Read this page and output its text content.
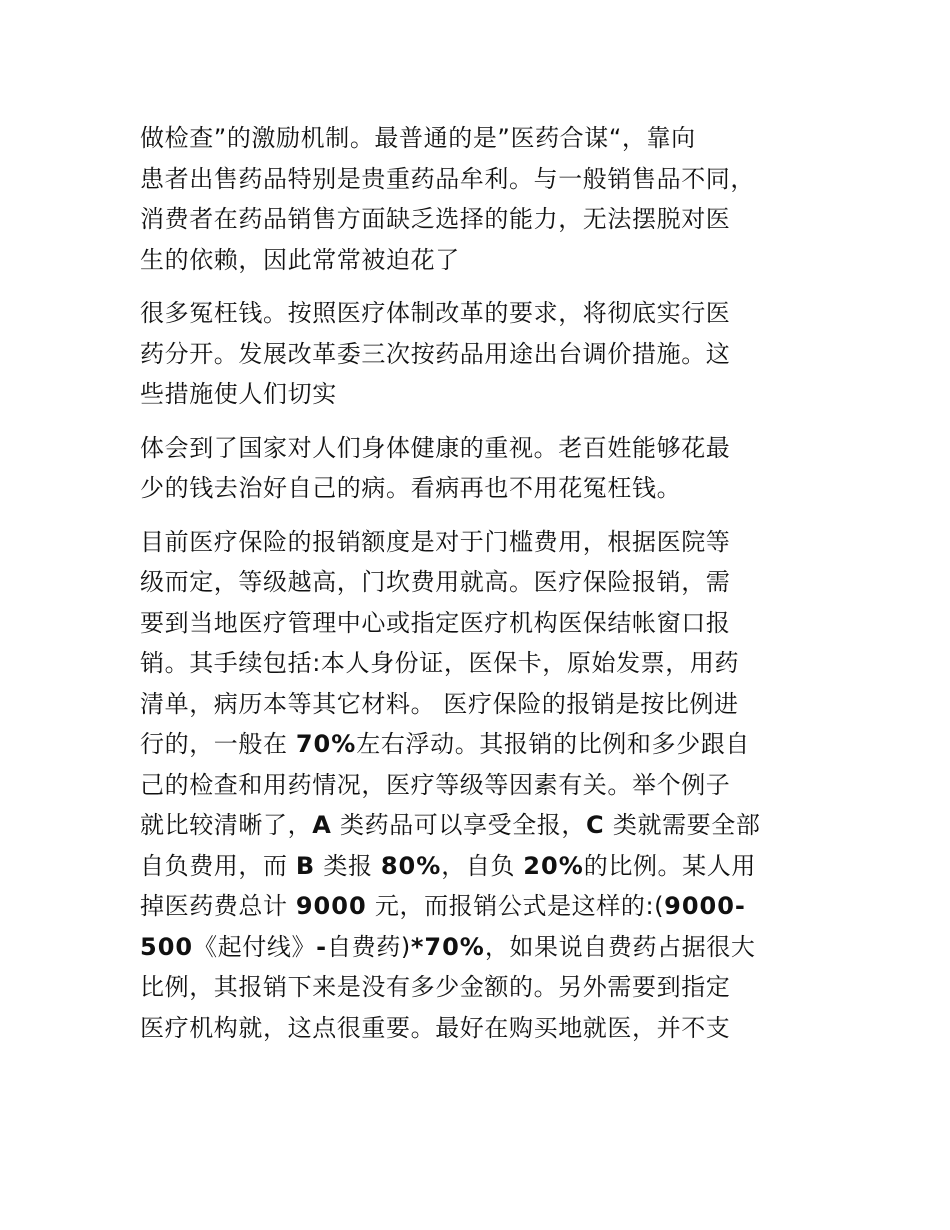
做检查”的激励机制。最普通的是”医药合谋“，靠向
患者出售药品特别是贵重药品牟利。与一般销售品不同，
消费者在药品销售方面缺乏选择的能力，无法摆脱对医
生的依赖，因此常常被迫花了

很多冤枉钱。按照医疗体制改革的要求，将彻底实行医
药分开。发展改革委三次按药品用途出台调价措施。这
些措施使人们切实

体会到了国家对人们身体健康的重视。老百姓能够花最
少的钱去治好自己的病。看病再也不用花冤枉钱。

目前医疗保险的报销额度是对于门槛费用，根据医院等
级而定，等级越高，门坎费用就高。医疗保险报销，需
要到当地医疗管理中心或指定医疗机构医保结帐窗口报
销。其手续包括:本人身份证，医保卡，原始发票，用药
清单，病历本等其它材料。 医疗保险的报销是按比例进
行的，一般在 70%左右浮动。其报销的比例和多少跟自
己的检查和用药情况，医疗等级等因素有关。举个例子
就比较清晰了，A 类药品可以享受全报，C 类就需要全部
自负费用，而 B 类报 80%，自负 20%的比例。某人用
掉医药费总计 9000 元，而报销公式是这样的:(9000-
500《起付线》-自费药)*70%，如果说自费药占据很大
比例，其报销下来是没有多少金额的。另外需要到指定
医疗机构就，这点很重要。最好在购买地就医，并不支
